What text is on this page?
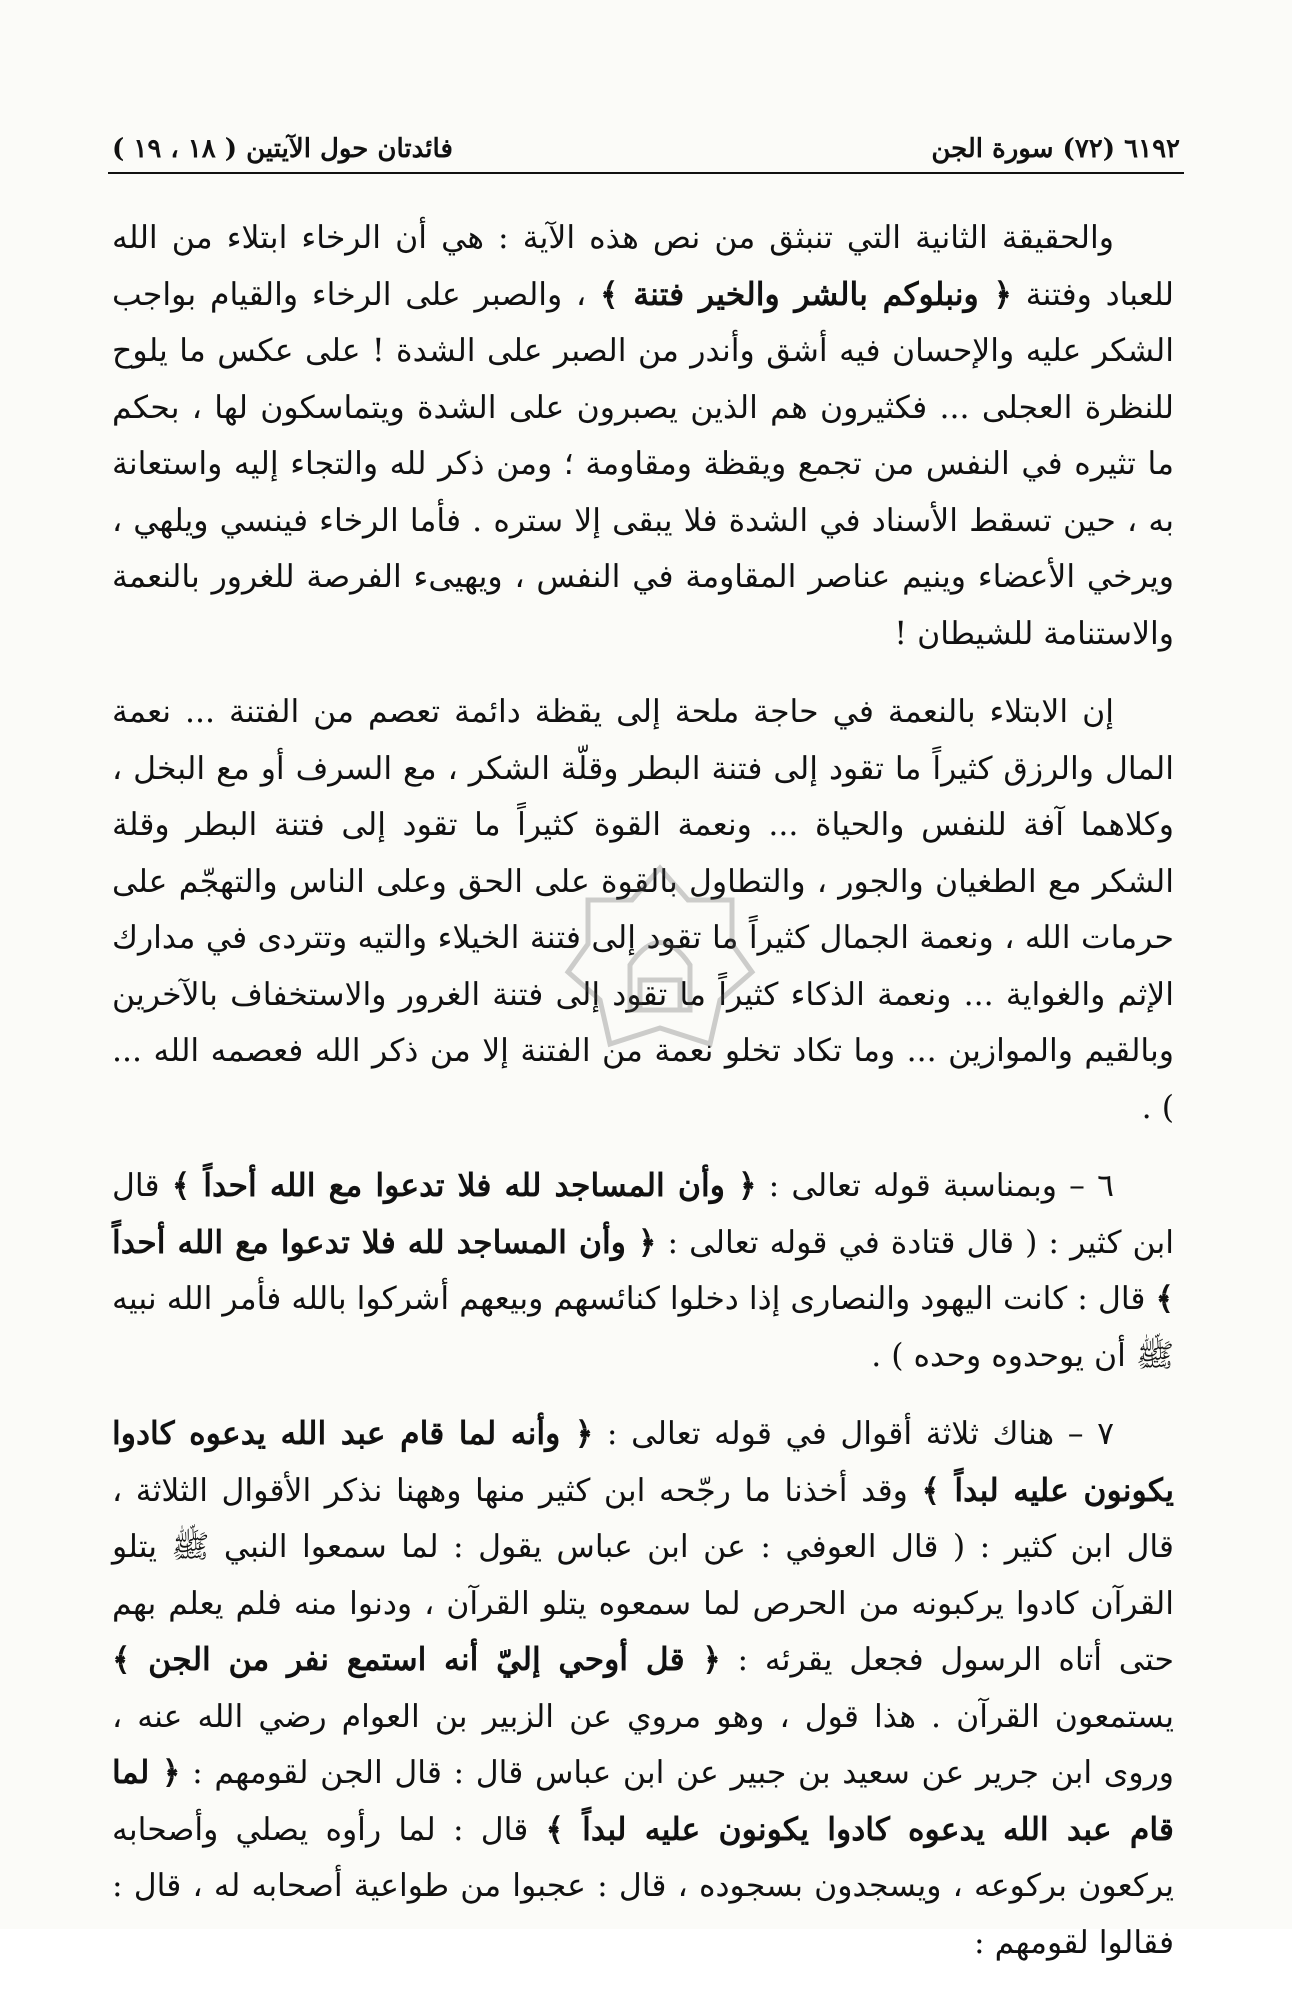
٦١٩٢ (٧٢) سورة الجن
فائدتان حول الآيتين ( ١٨ ، ١٩ )

والحقيقة الثانية التي تنبثق من نص هذه الآية : هي أن الرخاء ابتلاء من الله للعباد وفتنة ﴿ ونبلوكم بالشر والخير فتنة ﴾ ، والصبر على الرخاء والقيام بواجب الشكر عليه والإحسان فيه أشق وأندر من الصبر على الشدة ! على عكس ما يلوح للنظرة العجلى ... فكثيرون هم الذين يصبرون على الشدة ويتماسكون لها ، بحكم ما تثيره في النفس من تجمع ويقظة ومقاومة ؛ ومن ذكر لله والتجاء إليه واستعانة به ، حين تسقط الأسناد في الشدة فلا يبقى إلا ستره . فأما الرخاء فينسي ويلهي ، ويرخي الأعضاء وينيم عناصر المقاومة في النفس ، ويهيىء الفرصة للغرور بالنعمة والاستنامة للشيطان !

إن الابتلاء بالنعمة في حاجة ملحة إلى يقظة دائمة تعصم من الفتنة ... نعمة المال والرزق كثيراً ما تقود إلى فتنة البطر وقلّة الشكر ، مع السرف أو مع البخل ، وكلاهما آفة للنفس والحياة ... ونعمة القوة كثيراً ما تقود إلى فتنة البطر وقلة الشكر مع الطغيان والجور ، والتطاول بالقوة على الحق وعلى الناس والتهجّم على حرمات الله ، ونعمة الجمال كثيراً ما تقود إلى فتنة الخيلاء والتيه وتتردى في مدارك الإثم والغواية ... ونعمة الذكاء كثيراً ما تقود إلى فتنة الغرور والاستخفاف بالآخرين وبالقيم والموازين ... وما تكاد تخلو نعمة من الفتنة إلا من ذكر الله فعصمه الله ... ) .

٦ – وبمناسبة قوله تعالى : ﴿ وأن المساجد لله فلا تدعوا مع الله أحداً ﴾ قال ابن كثير : ( قال قتادة في قوله تعالى : ﴿ وأن المساجد لله فلا تدعوا مع الله أحداً ﴾ قال : كانت اليهود والنصارى إذا دخلوا كنائسهم وبيعهم أشركوا بالله فأمر الله نبيه ﷺ أن يوحدوه وحده ) .

٧ – هناك ثلاثة أقوال في قوله تعالى : ﴿ وأنه لما قام عبد الله يدعوه كادوا يكونون عليه لبداً ﴾ وقد أخذنا ما رجّحه ابن كثير منها وههنا نذكر الأقوال الثلاثة ، قال ابن كثير : ( قال العوفي : عن ابن عباس يقول : لما سمعوا النبي ﷺ يتلو القرآن كادوا يركبونه من الحرص لما سمعوه يتلو القرآن ، ودنوا منه فلم يعلم بهم حتى أتاه الرسول فجعل يقرئه : ﴿ قل أوحي إليّ أنه استمع نفر من الجن ﴾ يستمعون القرآن . هذا قول ، وهو مروي عن الزبير بن العوام رضي الله عنه ، وروى ابن جرير عن سعيد بن جبير عن ابن عباس قال : قال الجن لقومهم : ﴿ لما قام عبد الله يدعوه كادوا يكونون عليه لبداً ﴾ قال : لما رأوه يصلي وأصحابه يركعون بركوعه ، ويسجدون بسجوده ، قال : عجبوا من طواعية أصحابه له ، قال : فقالوا لقومهم :
